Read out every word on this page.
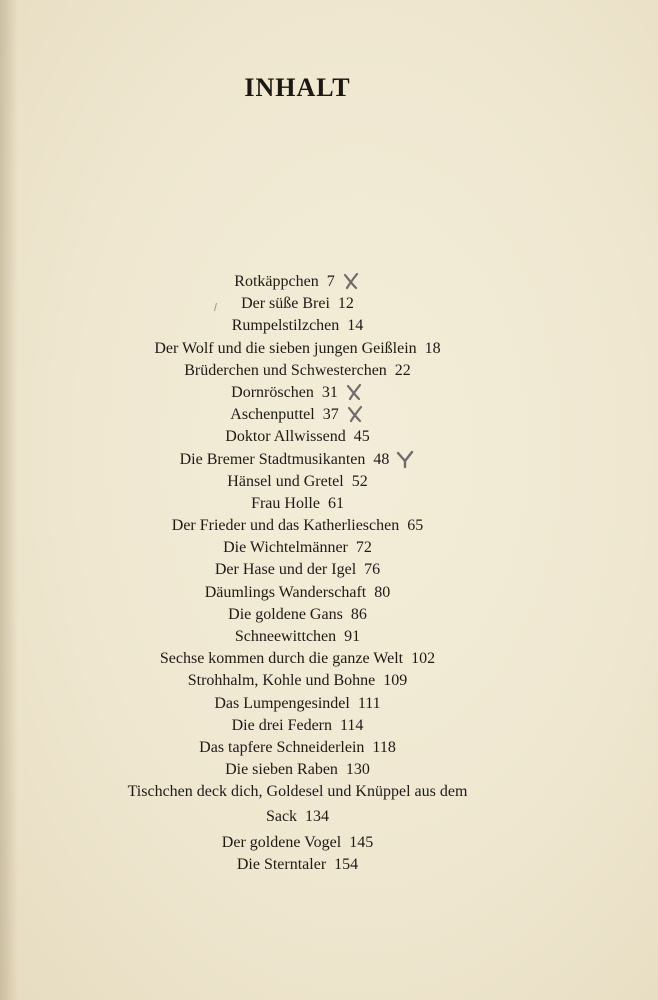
INHALT
Rotkäppchen  7
Der süße Brei  12
Rumpelstilzchen  14
Der Wolf und die sieben jungen Geißlein  18
Brüderchen und Schwesterchen  22
Dornröschen  31
Aschenputtel  37
Doktor Allwissend  45
Die Bremer Stadtmusikanten  48
Hänsel und Gretel  52
Frau Holle  61
Der Frieder und das Katherlieschen  65
Die Wichtelmänner  72
Der Hase und der Igel  76
Däumlings Wanderschaft  80
Die goldene Gans  86
Schneewittchen  91
Sechse kommen durch die ganze Welt  102
Strohhalm, Kohle und Bohne  109
Das Lumpengesindel  111
Die drei Federn  114
Das tapfere Schneiderlein  118
Die sieben Raben  130
Tischchen deck dich, Goldesel und Knüppel aus dem
Sack  134
Der goldene Vogel  145
Die Sterntaler  154
